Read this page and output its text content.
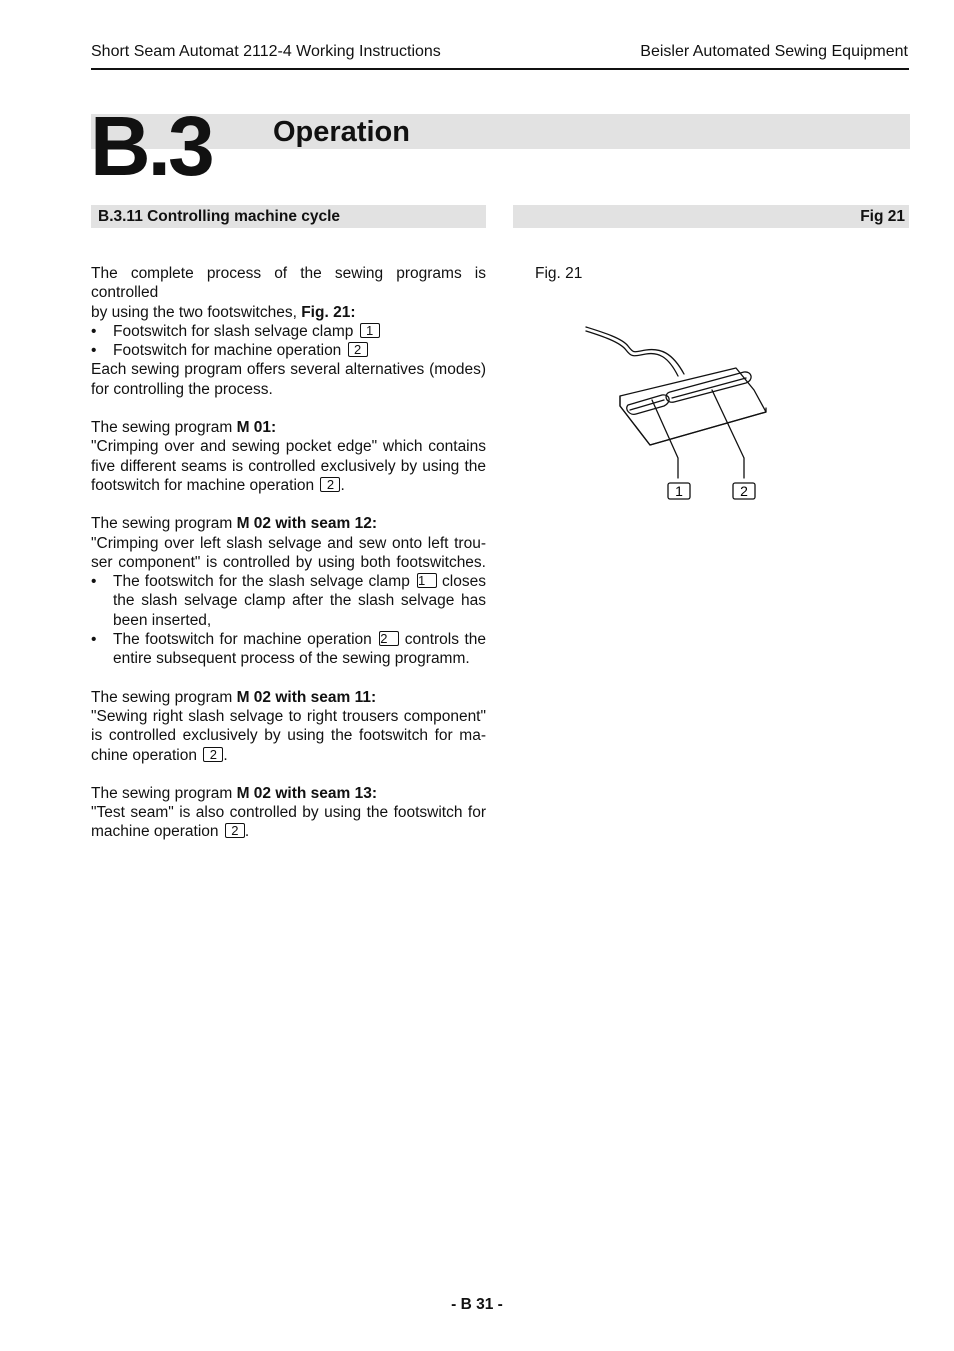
Short Seam Automat 2112-4 Working Instructions	Beisler Automated Sewing Equipment
B.3 Operation
B.3.11 Controlling machine cycle	Fig 21

The complete process of the sewing programs is controlled

by using the two footswitches, Fig. 21:

• Footswitch for slash selvage clamp 1

• Footswitch for machine operation 2

Each sewing program offers several alternatives (modes)

for controlling the process.

The sewing program M 01:

"Crimping over and sewing pocket edge" which contains

five different seams is controlled exclusively by using the

footswitch for machine operation 2 .

The sewing program M 02 with seam 12:

"Crimping over left slash selvage and sew onto left trou-

ser component" is controlled by using both footswitches.

• The footswitch for the slash selvage clamp 1 closes

the slash selvage clamp after the slash selvage has

been inserted,

• The footswitch for machine operation 2 controls the

entire subsequent process of the sewing programm.

The sewing program M 02 with seam 11:

"Sewing right slash selvage to right trousers component"

is controlled exclusively by using the footswitch for ma-

chine operation 2 .

The sewing program M 02 with seam 13:

"Test seam" is also controlled by using the footswitch for

machine operation 2 .

Fig. 21
1	2
- B 31 -
